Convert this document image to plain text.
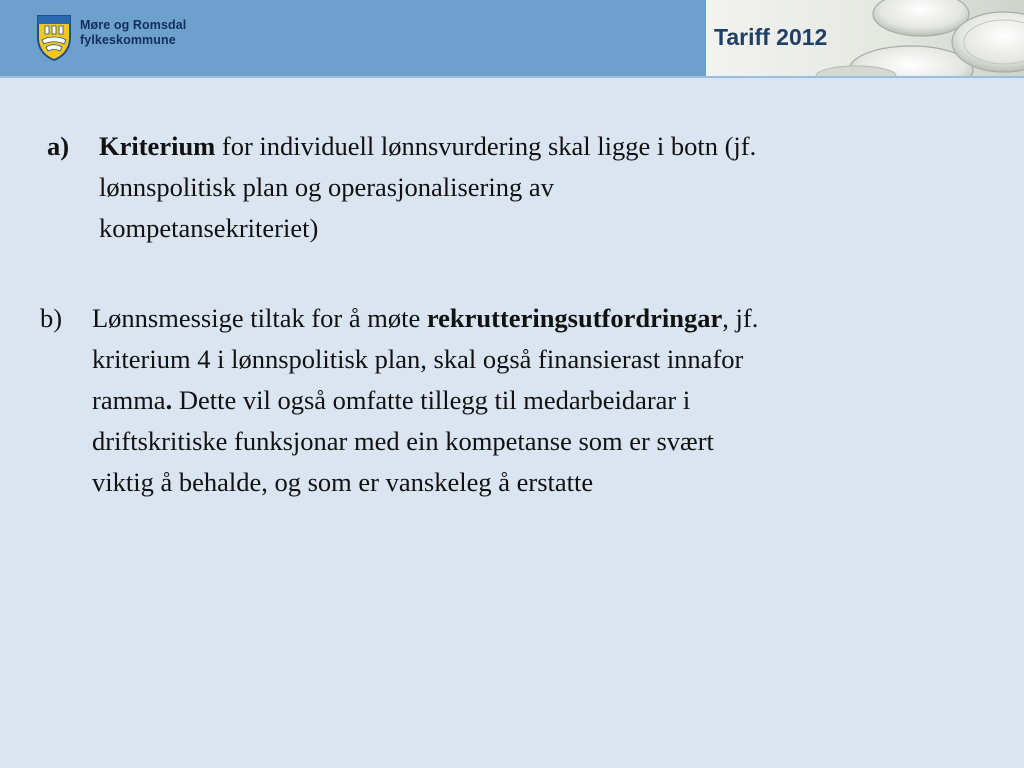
Møre og Romsdal
fylkeskommune	Tariff 2012
a) Kriterium for individuell lønnsvurdering skal ligge i botn (jf.
lønnspolitisk plan og operasjonalisering av
kompetansekriteriet)
b) Lønnsmessige tiltak for å møte rekrutteringsutfordringar, jf.
kriterium 4 i lønnspolitisk plan, skal også finansierast innafor
ramma. Dette vil også omfatte tillegg til medarbeidarar i
driftskritiske funksjonar med ein kompetanse som er svært
viktig å behalde, og som er vanskeleg å erstatte
